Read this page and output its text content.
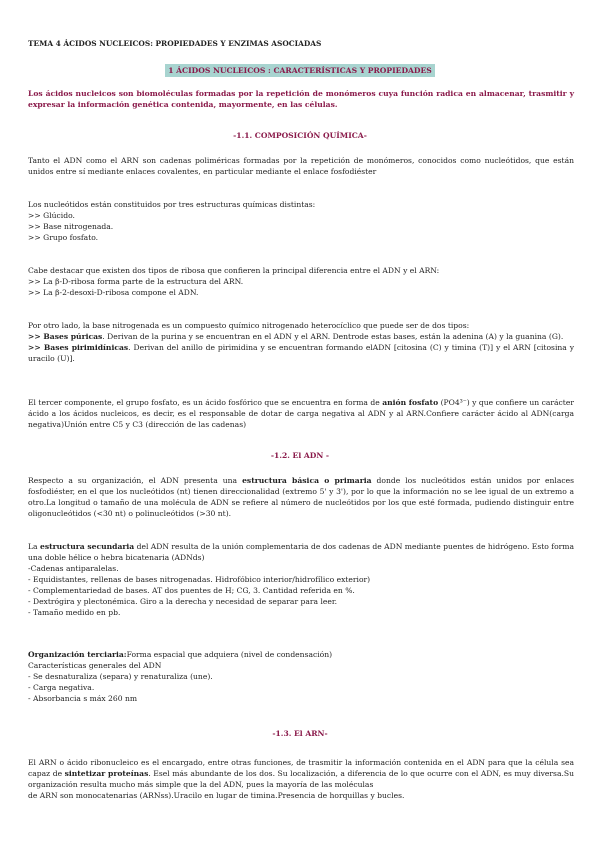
TEMA 4 ÁCIDOS NUCLEICOS: PROPIEDADES Y ENZIMAS ASOCIADAS
1 ÁCIDOS NUCLEICOS : CARACTERÍSTICAS Y PROPIEDADES
Los ácidos nucleicos son biomoléculas formadas por la repetición de monómeros cuya función radica en almacenar, trasmitir y expresar la información genética contenida, mayormente, en las células.
-1.1. COMPOSICIÓN QUÍMICA-
Tanto el ADN como el ARN son cadenas poliméricas formadas por la repetición de monómeros, conocidos como nucleótidos, que están unidos entre sí mediante enlaces covalentes, en particular mediante el enlace fosfodiéster
Los nucleótidos están constituidos por tres estructuras químicas distintas:
>> Glúcido.
>> Base nitrogenada.
>> Grupo fosfato.
Cabe destacar que existen dos tipos de ribosa que confieren la principal diferencia entre el ADN y el ARN:
>> La β-D-ribosa forma parte de la estructura del ARN.
>> La β-2-desoxi-D-ribosa compone el ADN.
Por otro lado, la base nitrogenada es un compuesto químico nitrogenado heterocíclico que puede ser de dos tipos:
>> Bases púricas. Derivan de la purina y se encuentran en el ADN y el ARN. Dentrode estas bases, están la adenina (A) y la guanina (G).
>> Bases pirimidínicas. Derivan del anillo de pirimidina y se encuentran formando elADN [citosina (C) y timina (T)] y el ARN [citosina y uracilo (U)].
El tercer componente, el grupo fosfato, es un ácido fosfórico que se encuentra en forma de anión fosfato (PO4³⁻) y que confiere un carácter ácido a los ácidos nucleicos, es decir, es el responsable de dotar de carga negativa al ADN y al ARN.Confiere carácter ácido al ADN(carga negativa)Unión entre C5 y C3 (dirección de las cadenas)
-1.2. El ADN -
Respecto a su organización, el ADN presenta una estructura básica o primaria donde los nucleótidos están unidos por enlaces fosfodiéster, en el que los nucleótidos (nt) tienen direccionalidad (extremo 5' y 3'), por lo que la información no se lee igual de un extremo a otro.La longitud o tamaño de una molécula de ADN se refiere al número de nucleótidos por los que esté formada, pudiendo distinguir entre oligonucleótidos (<30 nt) o polinucleótidos (>30 nt).
La estructura secundaria del ADN resulta de la unión complementaria de dos cadenas de ADN mediante puentes de hidrógeno. Esto forma una doble hélice o hebra bicatenaria (ADNds)
-Cadenas antiparalelas.
- Equidistantes, rellenas de bases nitrogenadas. Hidrofóbico interior/hidrofílico exterior)
- Complementariedad de bases. AT dos puentes de H; CG, 3. Cantidad referida en %.
- Dextrógira y plectonémica. Giro a la derecha y necesidad de separar para leer.
- Tamaño medido en pb.
Organización terciaria:Forma espacial que adquiera (nivel de condensación)
Características generales del ADN
- Se desnaturaliza (separa) y renaturaliza (une).
- Carga negativa.
- Absorbancia s máx 260 nm
-1.3. El ARN-
El ARN o ácido ribonucleico es el encargado, entre otras funciones, de trasmitir la información contenida en el ADN para que la célula sea capaz de sintetizar proteínas. Esel más abundante de los dos. Su localización, a diferencia de lo que ocurre con el ADN, es muy diversa.Su organización resulta mucho más simple que la del ADN, pues la mayoría de las moléculas
de ARN son monocatenarias (ARNss).Uracilo en lugar de timina.Presencia de horquillas y bucles.
